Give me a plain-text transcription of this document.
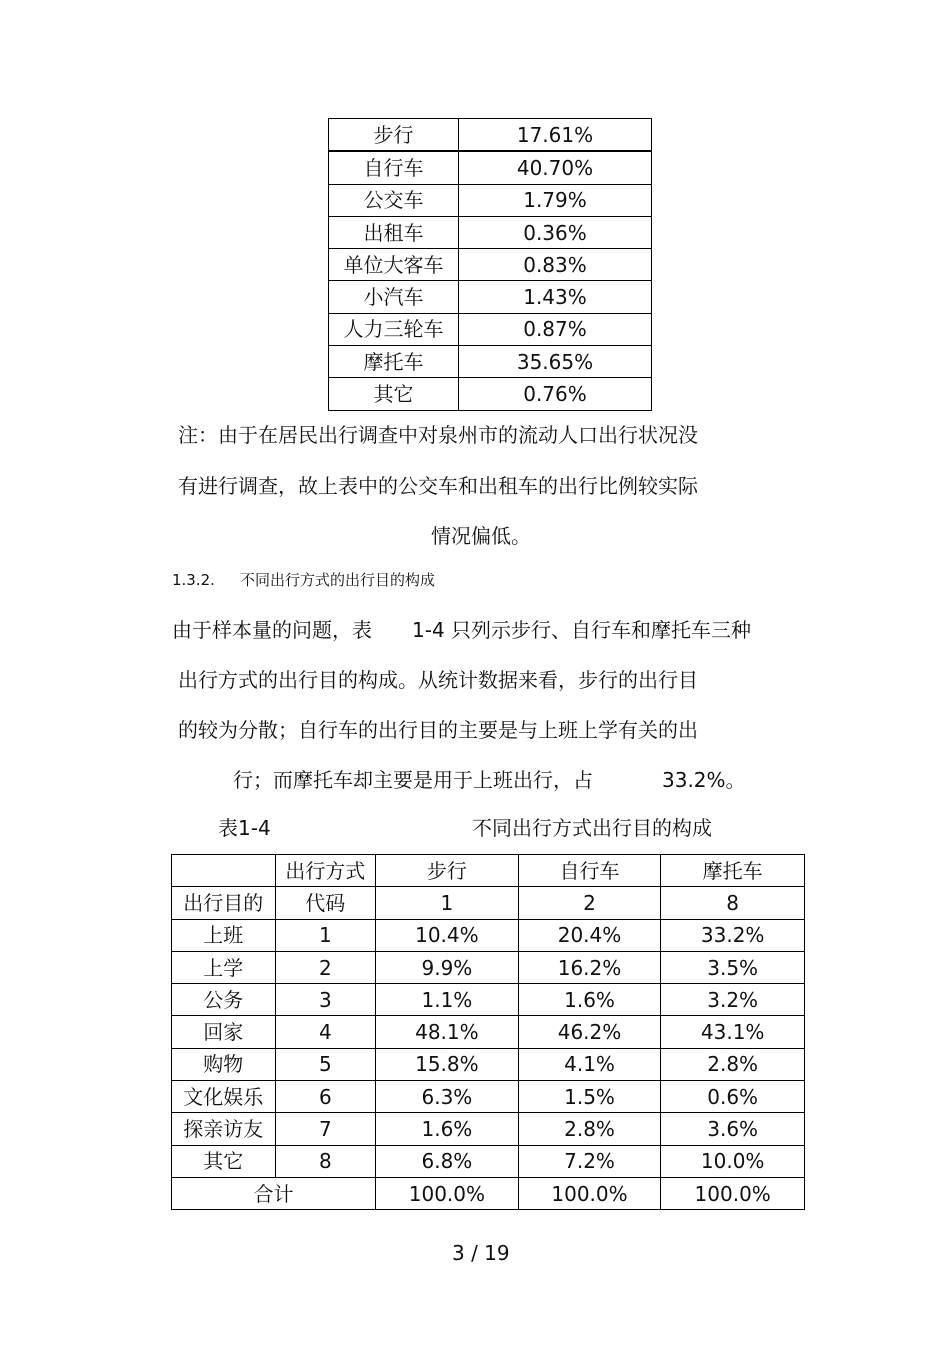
步行	17.61%
自行车	40.70%
公交车	1.79%
出租车	0.36%
单位大客车	0.83%
小汽车	1.43%
人力三轮车	0.87%
摩托车	35.65%
其它	0.76%
注：由于在居民出行调查中对泉州市的流动人口出行状况没
有进行调查，故上表中的公交车和出租车的出行比例较实际
情况偏低。
1.3.2. 不同出行方式的出行目的构成
由于样本量的问题，表 1-4 只列示步行、自行车和摩托车三种
出行方式的出行目的构成。从统计数据来看，步行的出行目
的较为分散；自行车的出行目的主要是与上班上学有关的出
行；而摩托车却主要是用于上班出行，占	33.2%。
表1-4	不同出行方式出行目的构成
	出行方式	步行	自行车	摩托车
出行目的	代码	1	2	8
上班	1	10.4%	20.4%	33.2%
上学	2	9.9%	16.2%	3.5%
公务	3	1.1%	1.6%	3.2%
回家	4	48.1%	46.2%	43.1%
购物	5	15.8%	4.1%	2.8%
文化娱乐	6	6.3%	1.5%	0.6%
探亲访友	7	1.6%	2.8%	3.6%
其它	8	6.8%	7.2%	10.0%
合计		100.0%	100.0%	100.0%
3 / 19
